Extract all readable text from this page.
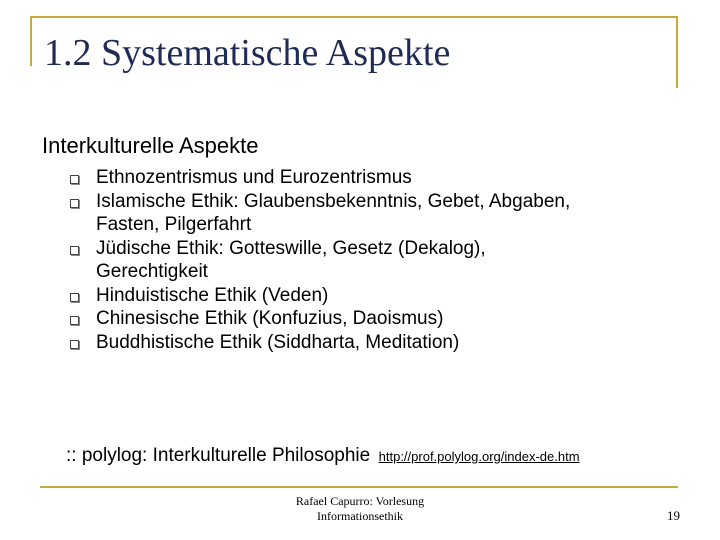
1.2 Systematische Aspekte
Interkulturelle Aspekte
Ethnozentrismus und Eurozentrismus
Islamische Ethik: Glaubensbekenntnis, Gebet, Abgaben,
Fasten, Pilgerfahrt
Jüdische Ethik: Gotteswille, Gesetz (Dekalog),
Gerechtigkeit
Hinduistische Ethik (Veden)
Chinesische Ethik (Konfuzius, Daoismus)
Buddhistische Ethik (Siddharta, Meditation)
:: polylog: Interkulturelle Philosophie http://prof.polylog.org/index-de.htm
Rafael Capurro: Vorlesung
Informationsethik	19
